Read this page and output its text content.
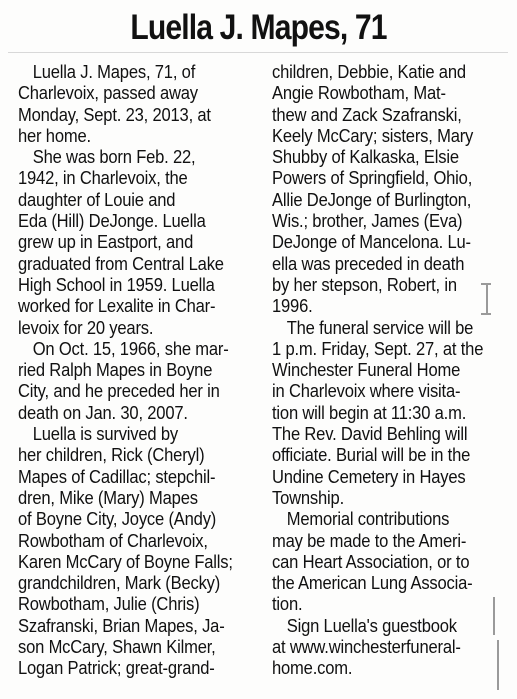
Luella J. Mapes, 71

Luella J. Mapes, 71, of
Charlevoix, passed away
Monday, Sept. 23, 2013, at
her home.

She was born Feb. 22,
1942, in Charlevoix, the
daughter of Louie and
Eda (Hill) DeJonge. Luella
grew up in Eastport, and
graduated from Central Lake
High School in 1959. Luella
worked for Lexalite in Char-
levoix for 20 years.

On Oct. 15, 1966, she mar-
ried Ralph Mapes in Boyne
City, and he preceded her in
death on Jan. 30, 2007.

Luella is survived by
her children, Rick (Cheryl)
Mapes of Cadillac; stepchil-
dren, Mike (Mary) Mapes
of Boyne City, Joyce (Andy)
Rowbotham of Charlevoix,
Karen McCary of Boyne Falls;
grandchildren, Mark (Becky)
Rowbotham, Julie (Chris)
Szafranski, Brian Mapes, Ja-
son McCary, Shawn Kilmer,
Logan Patrick; great-grand-

children, Debbie, Katie and
Angie Rowbotham, Mat-
thew and Zack Szafranski,
Keely McCary; sisters, Mary
Shubby of Kalkaska, Elsie
Powers of Springfield, Ohio,
Allie DeJonge of Burlington,
Wis.; brother, James (Eva)
DeJonge of Mancelona. Lu-
ella was preceded in death
by her stepson, Robert, in
1996.

The funeral service will be
1 p.m. Friday, Sept. 27, at the
Winchester Funeral Home
in Charlevoix where visita-
tion will begin at 11:30 a.m.
The Rev. David Behling will
officiate. Burial will be in the
Undine Cemetery in Hayes
Township.

Memorial contributions
may be made to the Ameri-
can Heart Association, or to
the American Lung Associa-
tion.

Sign Luella's guestbook
at www.winchesterfuneral-
home.com.
